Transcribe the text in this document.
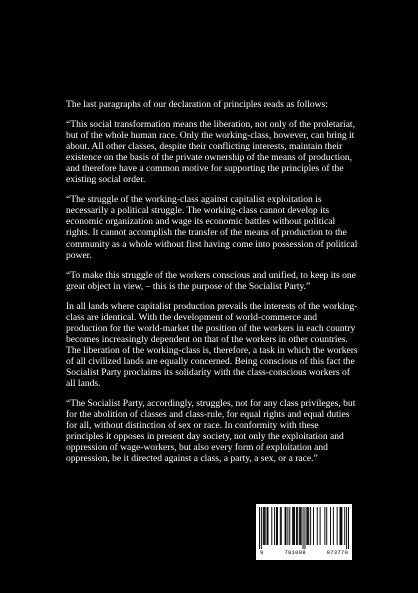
The last paragraphs of our declaration of principles reads as follows:

“This social transformation means the liberation, not only of the proletariat, but of the whole human race. Only the working-class, however, can bring it about. All other classes, despite their conflicting interests, maintain their existence on the basis of the private ownership of the means of production, and therefore have a common motive for supporting the principles of the existing social order.

“The struggle of the working-class against capitalist exploitation is necessarily a political struggle. The working-class cannot develop its economic organization and wage its economic battles without political rights. It cannot accomplish the transfer of the means of production to the community as a whole without first having come into possession of political power.

“To make this struggle of the workers conscious and unified, to keep its one great object in view, – this is the purpose of the Socialist Party.”

In all lands where capitalist production prevails the interests of the working-class are identical. With the development of world-commerce and production for the world-market the position of the workers in each country becomes increasingly dependent on that of the workers in other countries. The liberation of the working-class is, therefore, a task in which the workers of all civilized lands are equally concerned. Being conscious of this fact the Socialist Party proclaims its solidarity with the class-conscious workers of all lands.

“The Socialist Party, accordingly, struggles, not for any class privileges, but for the abolition of classes and class-rule, for equal rights and equal duties for all, without distinction of sex or race. In conformity with these principles it opposes in present day society, not only the exploitation and oppression of wage-workers, but also every form of exploitation and oppression, be it directed against a class, a party, a sex, or a race.”

9	781008	973770
